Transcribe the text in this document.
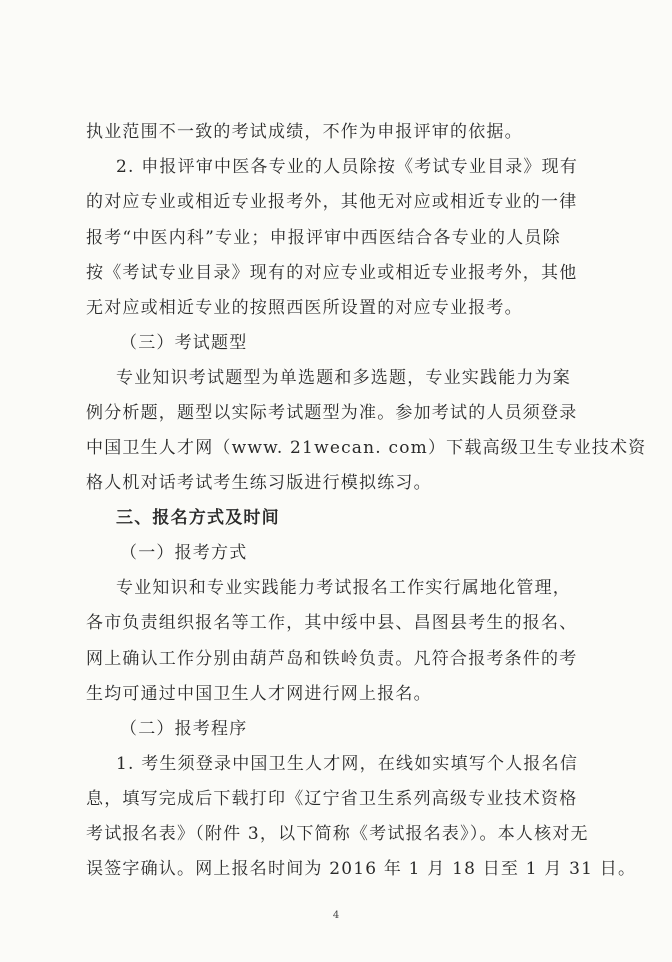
执业范围不一致的考试成绩，不作为申报评审的依据。
2. 申报评审中医各专业的人员除按《考试专业目录》现有
的对应专业或相近专业报考外，其他无对应或相近专业的一律
报考“中医内科”专业；申报评审中西医结合各专业的人员除
按《考试专业目录》现有的对应专业或相近专业报考外，其他
无对应或相近专业的按照西医所设置的对应专业报考。
（三）考试题型
专业知识考试题型为单选题和多选题，专业实践能力为案
例分析题，题型以实际考试题型为准。参加考试的人员须登录
中国卫生人才网（www. 21wecan. com）下载高级卫生专业技术资
格人机对话考试考生练习版进行模拟练习。
三、报名方式及时间
（一）报考方式
专业知识和专业实践能力考试报名工作实行属地化管理，
各市负责组织报名等工作，其中绥中县、昌图县考生的报名、
网上确认工作分别由葫芦岛和铁岭负责。凡符合报考条件的考
生均可通过中国卫生人才网进行网上报名。
（二）报考程序
1. 考生须登录中国卫生人才网，在线如实填写个人报名信
息，填写完成后下载打印《辽宁省卫生系列高级专业技术资格
考试报名表》（附件 3，以下简称《考试报名表》）。本人核对无
误签字确认。网上报名时间为 2016 年 1 月 18 日至 1 月 31 日。
4
